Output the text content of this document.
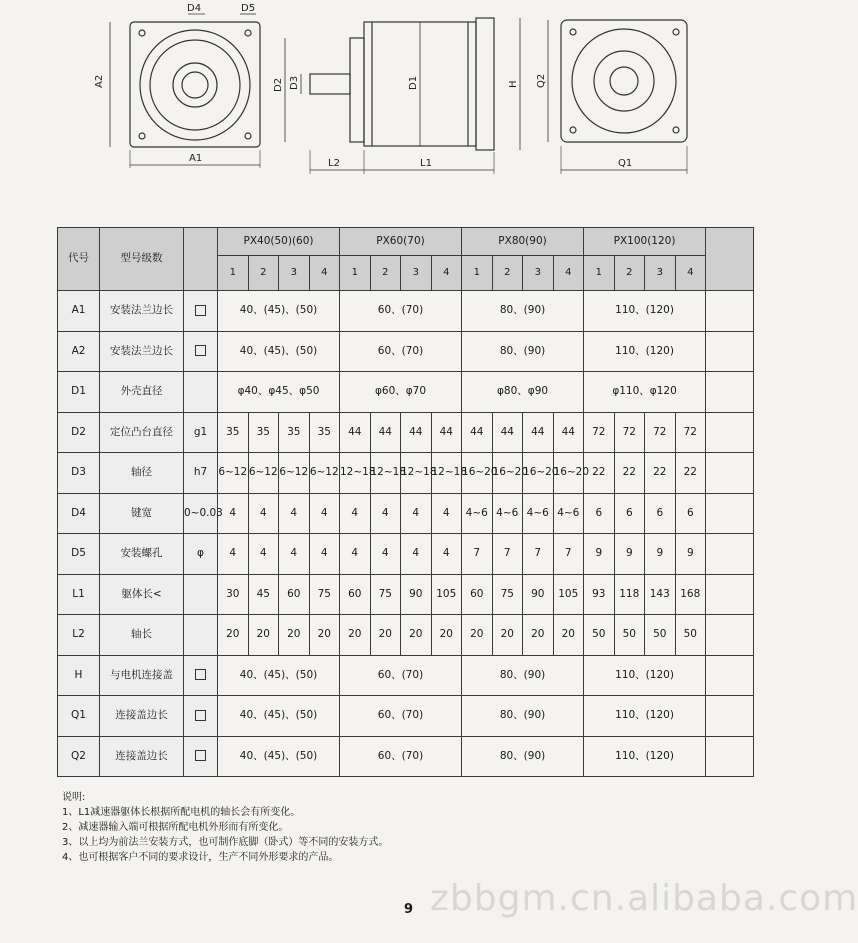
D4	D5
A2
A1
D2 D3	D1	H
L2	L1
Q2
Q1
代号	型号级数		PX40(50)(60)				PX60(70)				PX80(90)				PX100(120)				
			1	2	3	4	1	2	3	4	1	2	3	4	1	2	3	4	
A1	安装法兰边长		40、(45)、(50)				60、(70)				80、(90)				110、(120)				
A2	安装法兰边长		40、(45)、(50)				60、(70)				80、(90)				110、(120)				
D1	外壳直径		φ40、φ45、φ50				φ60、φ70				φ80、φ90				φ110、φ120				
D2	定位凸台直径	g1	35	35	35	35	44	44	44	44	44	44	44	44	72	72	72	72	
D3	轴径	h7	6~12	6~12	6~12	6~12	12~18	12~18	12~18	12~18	16~20	16~20	16~20	16~20	22	22	22	22	
D4	键宽	0~0.03	4	4	4	4	4	4	4	4	4~6	4~6	4~6	4~6	6	6	6	6	
D5	安装螺孔	φ	4	4	4	4	4	4	4	4	7	7	7	7	9	9	9	9	
L1	躯体长<		30	45	60	75	60	75	90	105	60	75	90	105	93	118	143	168	
L2	轴长		20	20	20	20	20	20	20	20	20	20	20	20	50	50	50	50	
H	与电机连接盖		40、(45)、(50)				60、(70)				80、(90)				110、(120)				
Q1	连接盖边长		40、(45)、(50)				60、(70)				80、(90)				110、(120)				
Q2	连接盖边长		40、(45)、(50)				60、(70)				80、(90)				110、(120)				

说明:

1、L1减速器躯体长根据所配电机的轴长会有所变化。

2、减速器输入端可根据所配电机外形而有所变化。

3、以上均为前法兰安装方式，也可制作底脚（卧式）等不同的安装方式。

4、也可根据客户不同的要求设计，生产不同外形要求的产品。

zbbgm.cn.alibaba.com
9
